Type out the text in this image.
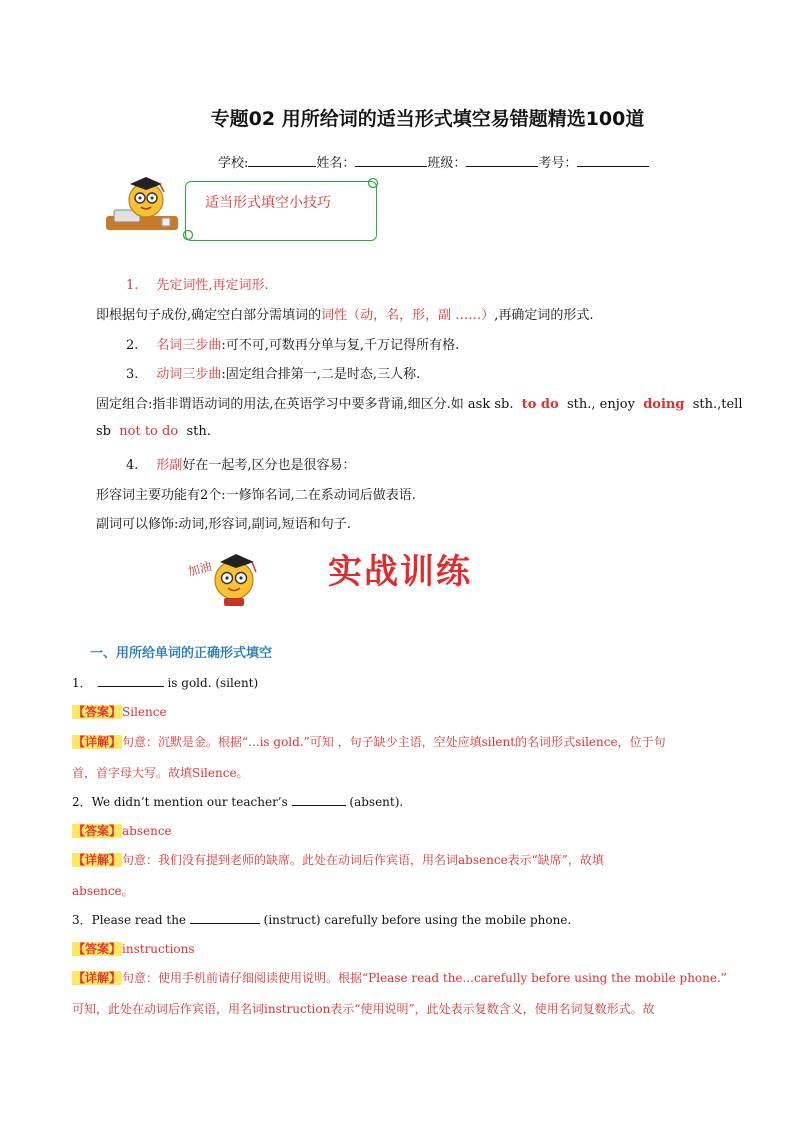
专题02 用所给词的适当形式填空易错题精选100道
学校:	姓名：	班级：	考号：
适当形式填空小技巧
1. 先定词性,再定词形.
即根据句子成份,确定空白部分需填词的词性（动，名，形，副 ……）,再确定词的形式.
2. 名词三步曲:可不可,可数再分单与复,千万记得所有格.
3. 动词三步曲:固定组合排第一,二是时态,三人称.
固定组合:指非谓语动词的用法,在英语学习中要多背诵,细区分.如 ask sb. to do  sth., enjoy  doing  sth.,tell
sb  not to do  sth.
4. 形副好在一起考,区分也是很容易：
形容词主要功能有2个:一修饰名词,二在系动词后做表语.
副词可以修饰:动词,形容词,副词,短语和句子.
加油	实战训练
一、用所给单词的正确形式填空
1．	is gold. (silent)
【答案】Silence
【详解】句意：沉默是金。根据“...is gold.”可知 ，句子缺少主语，空处应填silent的名词形式silence，位于句
首，首字母大写。故填Silence。
2．We didn’t mention our teacher’s	(absent).
【答案】absence
【详解】句意：我们没有提到老师的缺席。此处在动词后作宾语，用名词absence表示“缺席”，故填
absence。
3．Please read the	(instruct) carefully before using the mobile phone.
【答案】instructions
【详解】句意：使用手机前请仔细阅读使用说明。根据“Please read the...carefully before using the mobile phone.”
可知，此处在动词后作宾语，用名词instruction表示“使用说明”，此处表示复数含义，使用名词复数形式。故
